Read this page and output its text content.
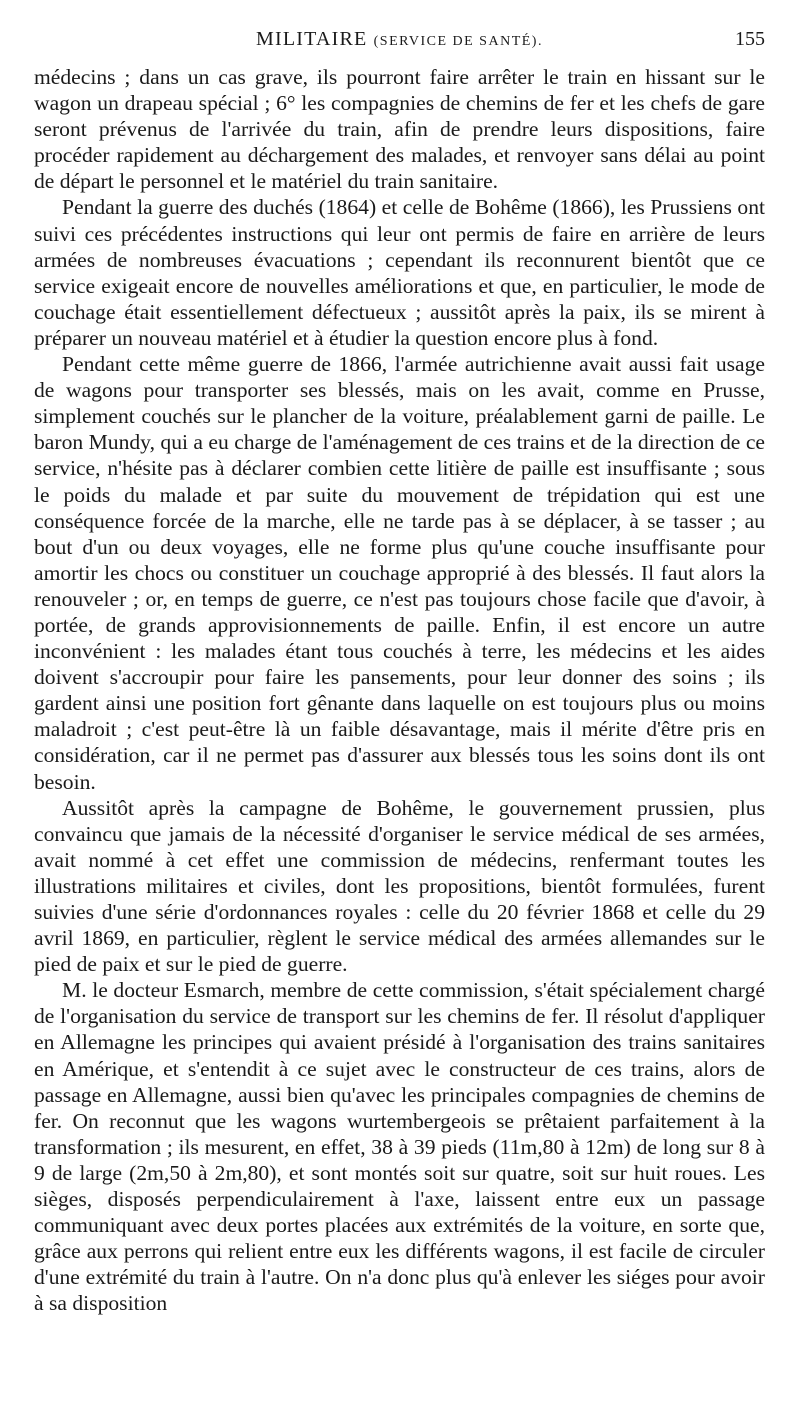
MILITAIRE (SERVICE DE SANTÉ).	155

médecins ; dans un cas grave, ils pourront faire arrêter le train en hissant sur le wagon un drapeau spécial ; 6° les compagnies de chemins de fer et les chefs de gare seront prévenus de l'arrivée du train, afin de prendre leurs dispositions, faire procéder rapidement au déchargement des malades, et renvoyer sans délai au point de départ le personnel et le matériel du train sanitaire.

Pendant la guerre des duchés (1864) et celle de Bohême (1866), les Prussiens ont suivi ces précédentes instructions qui leur ont permis de faire en arrière de leurs armées de nombreuses évacuations ; cependant ils reconnurent bientôt que ce service exigeait encore de nouvelles améliorations et que, en particulier, le mode de couchage était essentiellement défectueux ; aussitôt après la paix, ils se mirent à préparer un nouveau matériel et à étudier la question encore plus à fond.

Pendant cette même guerre de 1866, l'armée autrichienne avait aussi fait usage de wagons pour transporter ses blessés, mais on les avait, comme en Prusse, simplement couchés sur le plancher de la voiture, préalablement garni de paille. Le baron Mundy, qui a eu charge de l'aménagement de ces trains et de la direction de ce service, n'hésite pas à déclarer combien cette litière de paille est insuffisante ; sous le poids du malade et par suite du mouvement de trépidation qui est une conséquence forcée de la marche, elle ne tarde pas à se déplacer, à se tasser ; au bout d'un ou deux voyages, elle ne forme plus qu'une couche insuffisante pour amortir les chocs ou constituer un couchage approprié à des blessés. Il faut alors la renouveler ; or, en temps de guerre, ce n'est pas toujours chose facile que d'avoir, à portée, de grands approvisionnements de paille. Enfin, il est encore un autre inconvénient : les malades étant tous couchés à terre, les médecins et les aides doivent s'accroupir pour faire les pansements, pour leur donner des soins ; ils gardent ainsi une position fort gênante dans laquelle on est toujours plus ou moins maladroit ; c'est peut-être là un faible désavantage, mais il mérite d'être pris en considération, car il ne permet pas d'assurer aux blessés tous les soins dont ils ont besoin.

Aussitôt après la campagne de Bohême, le gouvernement prussien, plus convaincu que jamais de la nécessité d'organiser le service médical de ses armées, avait nommé à cet effet une commission de médecins, renfermant toutes les illustrations militaires et civiles, dont les propositions, bientôt formulées, furent suivies d'une série d'ordonnances royales : celle du 20 février 1868 et celle du 29 avril 1869, en particulier, règlent le service médical des armées allemandes sur le pied de paix et sur le pied de guerre.

M. le docteur Esmarch, membre de cette commission, s'était spécialement chargé de l'organisation du service de transport sur les chemins de fer. Il résolut d'appliquer en Allemagne les principes qui avaient présidé à l'organisation des trains sanitaires en Amérique, et s'entendit à ce sujet avec le constructeur de ces trains, alors de passage en Allemagne, aussi bien qu'avec les principales compagnies de chemins de fer. On reconnut que les wagons wurtembergeois se prêtaient parfaitement à la transformation ; ils mesurent, en effet, 38 à 39 pieds (11m,80 à 12m) de long sur 8 à 9 de large (2m,50 à 2m,80), et sont montés soit sur quatre, soit sur huit roues. Les sièges, disposés perpendiculairement à l'axe, laissent entre eux un passage communiquant avec deux portes placées aux extrémités de la voiture, en sorte que, grâce aux perrons qui relient entre eux les différents wagons, il est facile de circuler d'une extrémité du train à l'autre. On n'a donc plus qu'à enlever les siéges pour avoir à sa disposition
